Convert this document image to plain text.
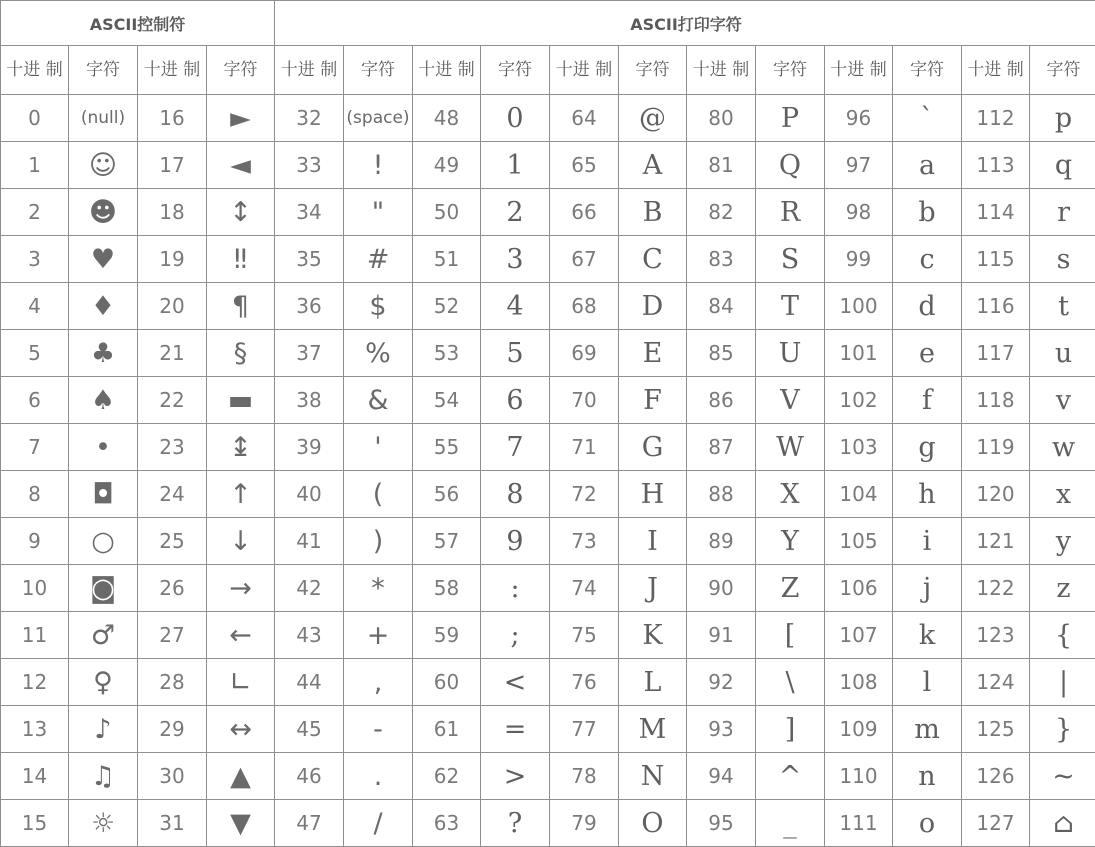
ASCII控制符				ASCII打印字符											
十进 制	字符	十进 制	字符	十进 制	字符	十进 制	字符	十进 制	字符	十进 制	字符	十进 制	字符	十进 制	字符
0	(null)	16	►	32	(space)	48	0	64	@	80	P	96	`	112	p
1	☺	17	◄	33	!	49	1	65	A	81	Q	97	a	113	q
2	☻	18	↕	34	"	50	2	66	B	82	R	98	b	114	r
3	♥	19	‼	35	#	51	3	67	C	83	S	99	c	115	s
4	♦	20	¶	36	$	52	4	68	D	84	T	100	d	116	t
5	♣	21	§	37	%	53	5	69	E	85	U	101	e	117	u
6	♠	22	▬	38	&	54	6	70	F	86	V	102	f	118	v
7	•	23	↨	39	'	55	7	71	G	87	W	103	g	119	w
8	◘	24	↑	40	(	56	8	72	H	88	X	104	h	120	x
9	○	25	↓	41	)	57	9	73	I	89	Y	105	i	121	y
10	◙	26	→	42	*	58	:	74	J	90	Z	106	j	122	z
11	♂	27	←	43	+	59	;	75	K	91	[	107	k	123	{
12	♀	28	∟	44	,	60	<	76	L	92	\	108	l	124	|
13	♪	29	↔	45	-	61	=	77	M	93	]	109	m	125	}
14	♫	30	▲	46	.	62	>	78	N	94	^	110	n	126	~
15	☼	31	▼	47	/	63	?	79	O	95	_	111	o	127	⌂
